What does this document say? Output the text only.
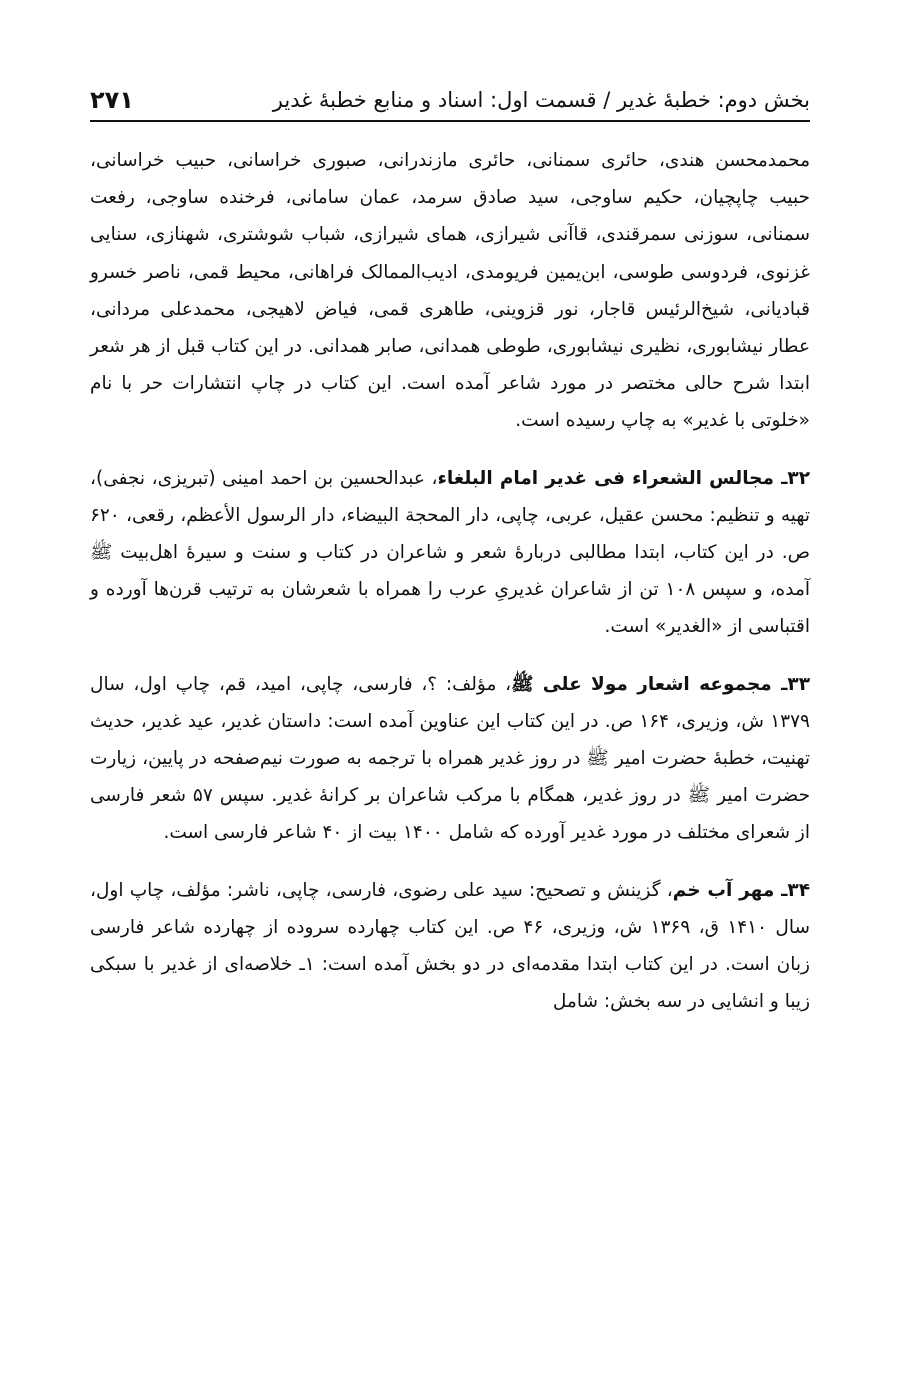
بخش دوم: خطبهٔ غدیر / قسمت اول: اسناد و منابع خطبهٔ غدیر
۲۷۱

محمدمحسن هندی، حائری سمنانی، حائری مازندرانی، صبوری خراسانی، حبیب خراسانی، حبیب چاپچیان، حکیم ساوجی، سید صادق سرمد، عمان سامانی، فرخنده ساوجی، رفعت سمنانی، سوزنی سمرقندی، قاآنی شیرازی، همای شیرازی، شباب شوشتری، شهنازی، سنایی غزنوی، فردوسی طوسی، ابن‌یمین فریومدی، ادیب‌الممالک فراهانی، محیط قمی، ناصر خسرو قبادیانی، شیخ‌الرئیس قاجار، نور قزوینی، طاهری قمی، فیاض لاهیجی، محمدعلی مردانی، عطار نیشابوری، نظیری نیشابوری، طوطی همدانی، صابر همدانی. در این کتاب قبل از هر شعر ابتدا شرح حالی مختصر در مورد شاعر آمده است. این کتاب در چاپ انتشارات حر با نام «خلوتی با غدیر» به چاپ رسیده است.

۳۲ـ مجالس الشعراء فی غدیر امام البلغاء، عبدالحسین بن احمد امینی (تبریزی، نجفی)، تهیه و تنظیم: محسن عقیل، عربی، چاپی، دار المحجة البیضاء، دار الرسول الأعظم، رقعی، ۶۲۰ ص. در این کتاب، ابتدا مطالبی دربارهٔ شعر و شاعران در کتاب و سنت و سیرهٔ اهل‌بیت ﷺ آمده، و سپس ۱۰۸ تن از شاعران غدیریِ عرب را همراه با شعرشان به ترتیب قرن‌ها آورده و اقتباسی از «الغدیر» است.

۳۳ـ مجموعه اشعار مولا علی ﷺ، مؤلف: ؟، فارسی، چاپی، امید، قم، چاپ اول، سال ۱۳۷۹ ش، وزیری، ۱۶۴ ص. در این کتاب این عناوین آمده است: داستان غدیر، عید غدیر، حدیث تهنیت، خطبهٔ حضرت امیر ﷺ در روز غدیر همراه با ترجمه به صورت نیم‌صفحه در پایین، زیارت حضرت امیر ﷺ در روز غدیر، همگام با مرکب شاعران بر کرانهٔ غدیر. سپس ۵۷ شعر فارسی از شعرای مختلف در مورد غدیر آورده که شامل ۱۴۰۰ بیت از ۴۰ شاعر فارسی است.

۳۴ـ مهر آب خم، گزینش و تصحیح: سید علی رضوی، فارسی، چاپی، ناشر: مؤلف، چاپ اول، سال ۱۴۱۰ ق، ۱۳۶۹ ش، وزیری، ۴۶ ص. این کتاب چهارده سروده از چهارده شاعر فارسی زبان است. در این کتاب ابتدا مقدمه‌ای در دو بخش آمده است: ۱ـ خلاصه‌ای از غدیر با سبکی زیبا و انشایی در سه بخش: شامل
